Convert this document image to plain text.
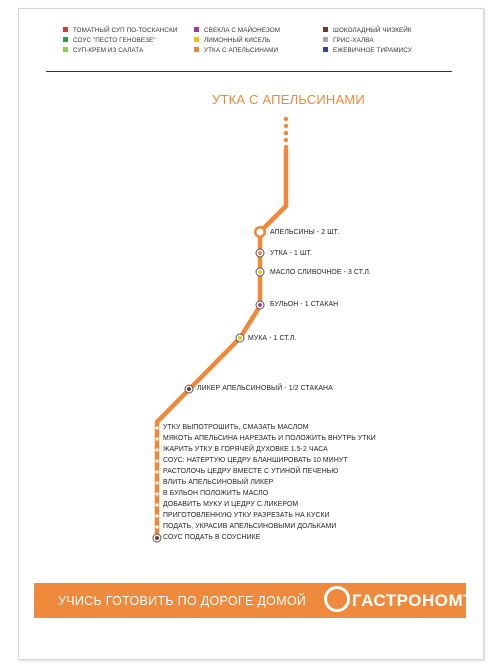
ТОМАТНЫЙ СУП ПО-ТОСКАНСКИ
СОУС "ПЕСТО ГЕНОВЕЗЕ"
СУП-КРЕМ ИЗ САЛАТА
СВЕКЛА С МАЙОНЕЗОМ
ЛИМОННЫЙ КИСЕЛЬ
УТКА С АПЕЛЬСИНАМИ
ШОКОЛАДНЫЙ ЧИЗКЕЙК
ГРИС-ХАЛВА
ЕЖЕВИЧНОЕ ТИРАМИСУ
УТКА С АПЕЛЬСИНАМИ
АПЕЛЬСИНЫ - 2 ШТ.
УТКА - 1 ШТ.
МАСЛО СЛИВОЧНОЕ - 3 СТ.Л.
БУЛЬОН - 1 СТАКАН
МУКА - 1 СТ.Л.
ЛИКЕР АПЕЛЬСИНОВЫЙ - 1/2 СТАКАНА
УТКУ ВЫПОТРОШИТЬ, СМАЗАТЬ МАСЛОМ
МЯКОТЬ АПЕЛЬСИНА НАРЕЗАТЬ И ПОЛОЖИТЬ ВНУТРЬ УТКИ
ЖАРИТЬ УТКУ В ГОРЯЧЕЙ ДУХОВКЕ 1.5-2 ЧАСА
СОУС: НАТЕРТУЮ ЦЕДРУ БЛАНШИРОВАТЬ 10 МИНУТ
РАСТОЛОЧЬ ЦЕДРУ ВМЕСТЕ С УТИНОЙ ПЕЧЕНЬЮ
ВЛИТЬ АПЕЛЬСИНОВЫЙ ЛИКЕР
В БУЛЬОН ПОЛОЖИТЬ МАСЛО
ДОБАВИТЬ МУКУ И ЦЕДРУ С ЛИКЕРОМ
ПРИГОТОВЛЕННУЮ УТКУ РАЗРЕЗАТЬ НА КУСКИ
ПОДАТЬ, УКРАСИВ АПЕЛЬСИНОВЫМИ ДОЛЬКАМИ
СОУС ПОДАТЬ В СОУСНИКЕ
УЧИСЬ ГОТОВИТЬ ПО ДОРОГЕ ДОМОЙ	ГАСТРОНОМЪ
